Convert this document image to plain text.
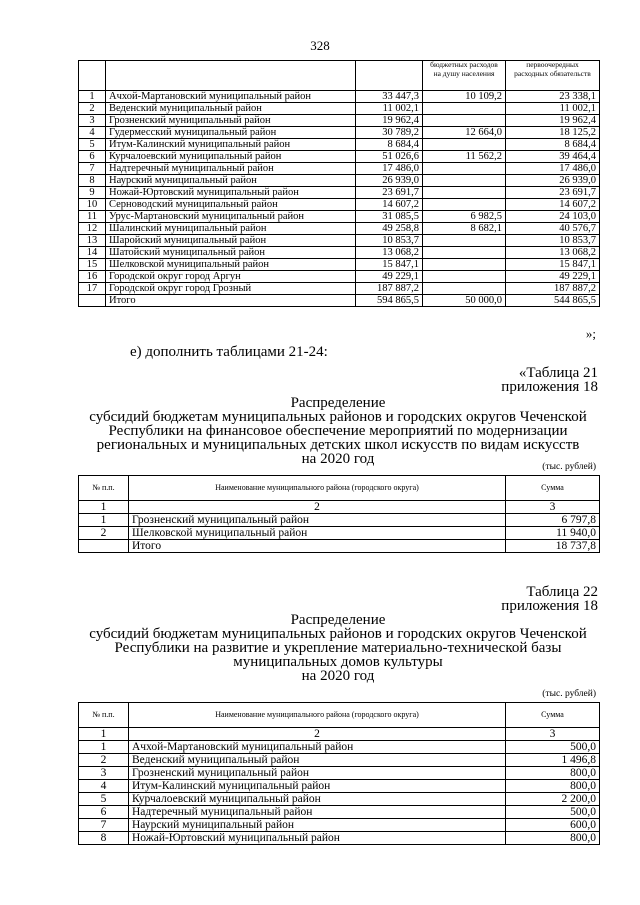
328
			бюджетных расходов на душу населения	первоочередных расходных обязательств
1	Ачхой-Мартановский муниципальный район	33 447,3	10 109,2	23 338,1
2	Веденский муниципальный район	11 002,1		11 002,1
3	Грозненский муниципальный район	19 962,4		19 962,4
4	Гудермесский муниципальный район	30 789,2	12 664,0	18 125,2
5	Итум-Калинский муниципальный район	8 684,4		8 684,4
6	Курчалоевский муниципальный район	51 026,6	11 562,2	39 464,4
7	Надтеречный муниципальный район	17 486,0		17 486,0
8	Наурский муниципальный район	26 939,0		26 939,0
9	Ножай-Юртовский муниципальный район	23 691,7		23 691,7
10	Серноводский муниципальный район	14 607,2		14 607,2
11	Урус-Мартановский муниципальный район	31 085,5	6 982,5	24 103,0
12	Шалинский муниципальный район	49 258,8	8 682,1	40 576,7
13	Шаройский муниципальный район	10 853,7		10 853,7
14	Шатойский муниципальный район	13 068,2		13 068,2
15	Шелковской муниципальный район	15 847,1		15 847,1
16	Городской округ город Аргун	49 229,1		49 229,1
17	Городской округ город Грозный	187 887,2		187 887,2
	Итого	594 865,5	50 000,0	544 865,5
»;
е) дополнить таблицами 21-24:
«Таблица 21
приложения 18
Распределение
субсидий бюджетам муниципальных районов и городских округов Чеченской
Республики на финансовое обеспечение мероприятий по модернизации
региональных и муниципальных детских школ искусств по видам искусств
на 2020 год	(тыс. рублей)
№ п.п.	Наименование муниципального района (городского округа)	Сумма
1	2	3
1	Грозненский муниципальный район	6 797,8
2	Шелковской муниципальный район	11 940,0
	Итого	18 737,8
Таблица 22
приложения 18
Распределение
субсидий бюджетам муниципальных районов и городских округов Чеченской
Республики на развитие и укрепление материально-технической базы
муниципальных домов культуры
на 2020 год
(тыс. рублей)
№ п.п.	Наименование муниципального района (городского округа)	Сумма
1	2	3
1	Ачхой-Мартановский муниципальный район	500,0
2	Веденский муниципальный район	1 496,8
3	Грозненский муниципальный район	800,0
4	Итум-Калинский муниципальный район	800,0
5	Курчалоевский муниципальный район	2 200,0
6	Надтеречный муниципальный район	500,0
7	Наурский муниципальный район	600,0
8	Ножай-Юртовский муниципальный район	800,0
